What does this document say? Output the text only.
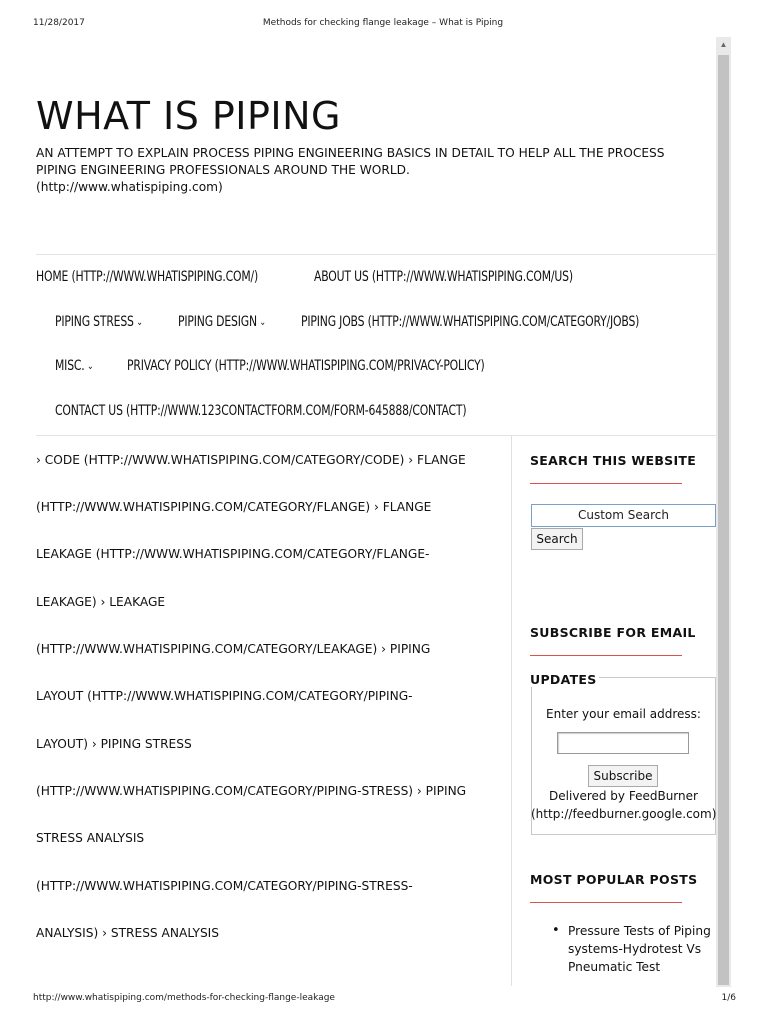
11/28/2017	Methods for checking flange leakage – What is Piping
▲
WHAT IS PIPING

AN ATTEMPT TO EXPLAIN PROCESS PIPING ENGINEERING BASICS IN DETAIL TO HELP ALL THE PROCESS PIPING ENGINEERING PROFESSIONALS AROUND THE WORLD.

(http://www.whatispiping.com)
HOME (HTTP://WWW.WHATISPIPING.COM/)	ABOUT US (HTTP://WWW.WHATISPIPING.COM/US)
PIPING STRESS ⌄	PIPING DESIGN ⌄	PIPING JOBS (HTTP://WWW.WHATISPIPING.COM/CATEGORY/JOBS)
MISC. ⌄ PRIVACY POLICY (HTTP://WWW.WHATISPIPING.COM/PRIVACY-POLICY)
CONTACT US (HTTP://WWW.123CONTACTFORM.COM/FORM-645888/CONTACT)
› CODE (HTTP://WWW.WHATISPIPING.COM/CATEGORY/CODE) › FLANGE
(HTTP://WWW.WHATISPIPING.COM/CATEGORY/FLANGE) › FLANGE
LEAKAGE (HTTP://WWW.WHATISPIPING.COM/CATEGORY/FLANGE-
LEAKAGE) › LEAKAGE
(HTTP://WWW.WHATISPIPING.COM/CATEGORY/LEAKAGE) › PIPING
LAYOUT (HTTP://WWW.WHATISPIPING.COM/CATEGORY/PIPING-
LAYOUT) › PIPING STRESS
(HTTP://WWW.WHATISPIPING.COM/CATEGORY/PIPING-STRESS) › PIPING
STRESS ANALYSIS
(HTTP://WWW.WHATISPIPING.COM/CATEGORY/PIPING-STRESS-
ANALYSIS) › STRESS ANALYSIS
SEARCH THIS WEBSITE
Custom Search
Search
SUBSCRIBE FOR EMAIL
UPDATES
Enter your email address:
Subscribe
Delivered by FeedBurner
(http://feedburner.google.com)
MOST POPULAR POSTS
• Pressure Tests of Piping systems-Hydrotest Vs Pneumatic Test
http://www.whatispiping.com/methods-for-checking-flange-leakage	1/6
